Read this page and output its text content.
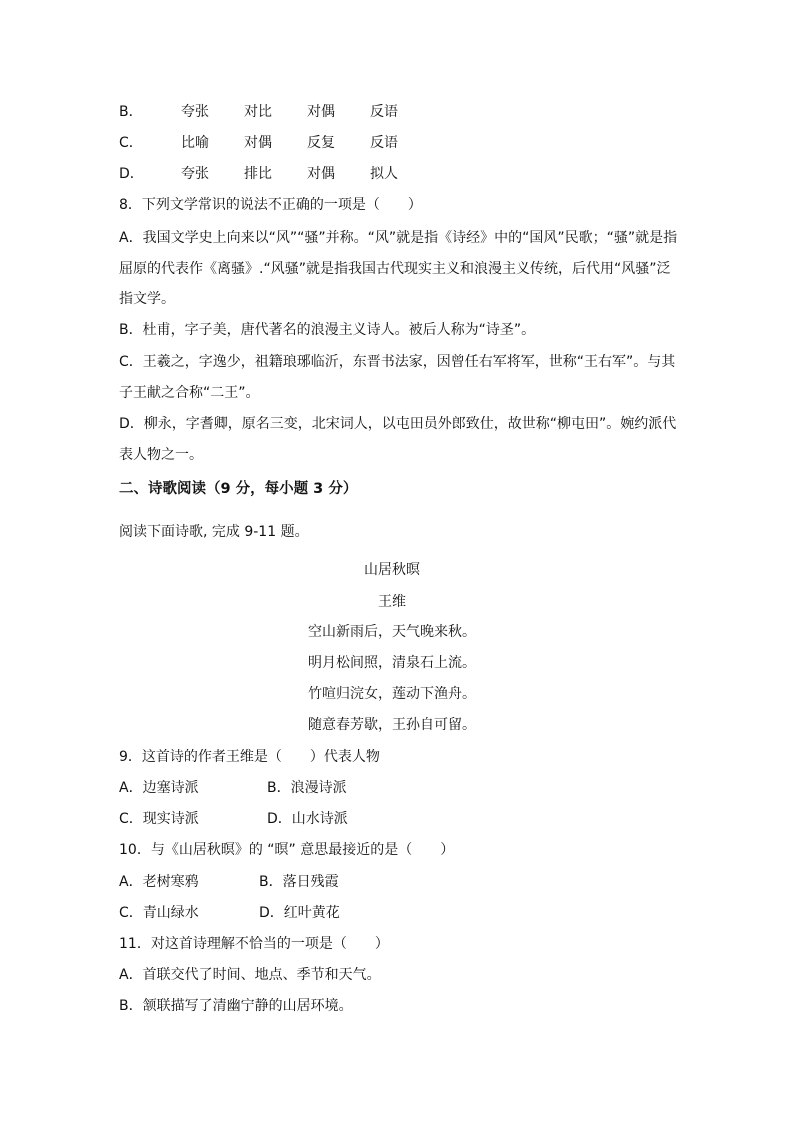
B．	夸张	对比	对偶	反语
C．	比喻	对偶	反复	反语
D．	夸张	排比	对偶	拟人
8．下列文学常识的说法不正确的一项是（　　）
A．我国文学史上向来以“风”“骚”并称。“风”就是指《诗经》中的“国风”民歌；“骚”就是指
屈原的代表作《离骚》.“风骚”就是指我国古代现实主义和浪漫主义传统，后代用“风骚”泛
指文学。
B．杜甫，字子美，唐代著名的浪漫主义诗人。被后人称为“诗圣”。
C．王羲之，字逸少，祖籍琅琊临沂，东晋书法家，因曾任右军将军，世称“王右军”。与其
子王献之合称“二王”。
D．柳永，字耆卿，原名三变，北宋词人，以屯田员外郎致仕，故世称“柳屯田”。婉约派代
表人物之一。
二、诗歌阅读（9 分，每小题 3 分）
阅读下面诗歌, 完成 9-11 题。
山居秋暝
王维
空山新雨后，天气晚来秋。
明月松间照，清泉石上流。
竹喧归浣女，莲动下渔舟。
随意春芳歇，王孙自可留。
9．这首诗的作者王维是（　　）代表人物
A．边塞诗派	B．浪漫诗派
C．现实诗派	D．山水诗派
10．与《山居秋暝》的 “暝” 意思最接近的是（　　）
A．老树寒鸦	B．落日残霞
C．青山绿水	D．红叶黄花
11．对这首诗理解不恰当的一项是（　　）
A．首联交代了时间、地点、季节和天气。
B．颔联描写了清幽宁静的山居环境。
